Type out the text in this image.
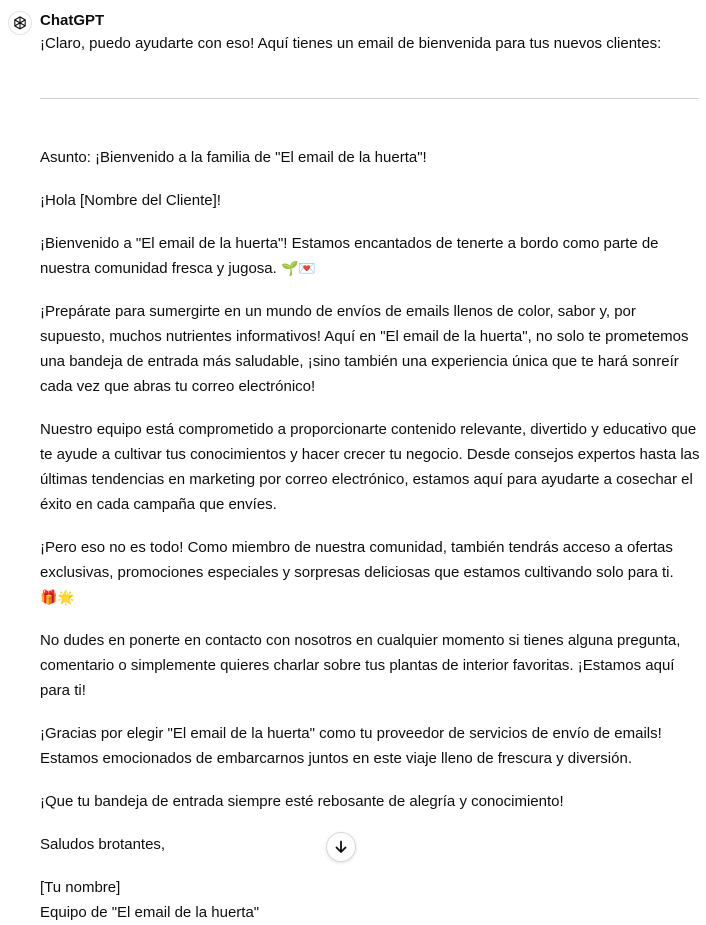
ChatGPT
¡Claro, puedo ayudarte con eso! Aquí tienes un email de bienvenida para tus nuevos clientes:

Asunto: ¡Bienvenido a la familia de "El email de la huerta"!

¡Hola [Nombre del Cliente]!

¡Bienvenido a "El email de la huerta"! Estamos encantados de tenerte a bordo como parte de nuestra comunidad fresca y jugosa. 🌱💌

¡Prepárate para sumergirte en un mundo de envíos de emails llenos de color, sabor y, por supuesto, muchos nutrientes informativos! Aquí en "El email de la huerta", no solo te prometemos una bandeja de entrada más saludable, ¡sino también una experiencia única que te hará sonreír cada vez que abras tu correo electrónico!

Nuestro equipo está comprometido a proporcionarte contenido relevante, divertido y educativo que te ayude a cultivar tus conocimientos y hacer crecer tu negocio. Desde consejos expertos hasta las últimas tendencias en marketing por correo electrónico, estamos aquí para ayudarte a cosechar el éxito en cada campaña que envíes.

¡Pero eso no es todo! Como miembro de nuestra comunidad, también tendrás acceso a ofertas exclusivas, promociones especiales y sorpresas deliciosas que estamos cultivando solo para ti. 🎁🌟

No dudes en ponerte en contacto con nosotros en cualquier momento si tienes alguna pregunta, comentario o simplemente quieres charlar sobre tus plantas de interior favoritas. ¡Estamos aquí para ti!

¡Gracias por elegir "El email de la huerta" como tu proveedor de servicios de envío de emails! Estamos emocionados de embarcarnos juntos en este viaje lleno de frescura y diversión.

¡Que tu bandeja de entrada siempre esté rebosante de alegría y conocimiento!

Saludos brotantes,

[Tu nombre]

Equipo de "El email de la huerta"
